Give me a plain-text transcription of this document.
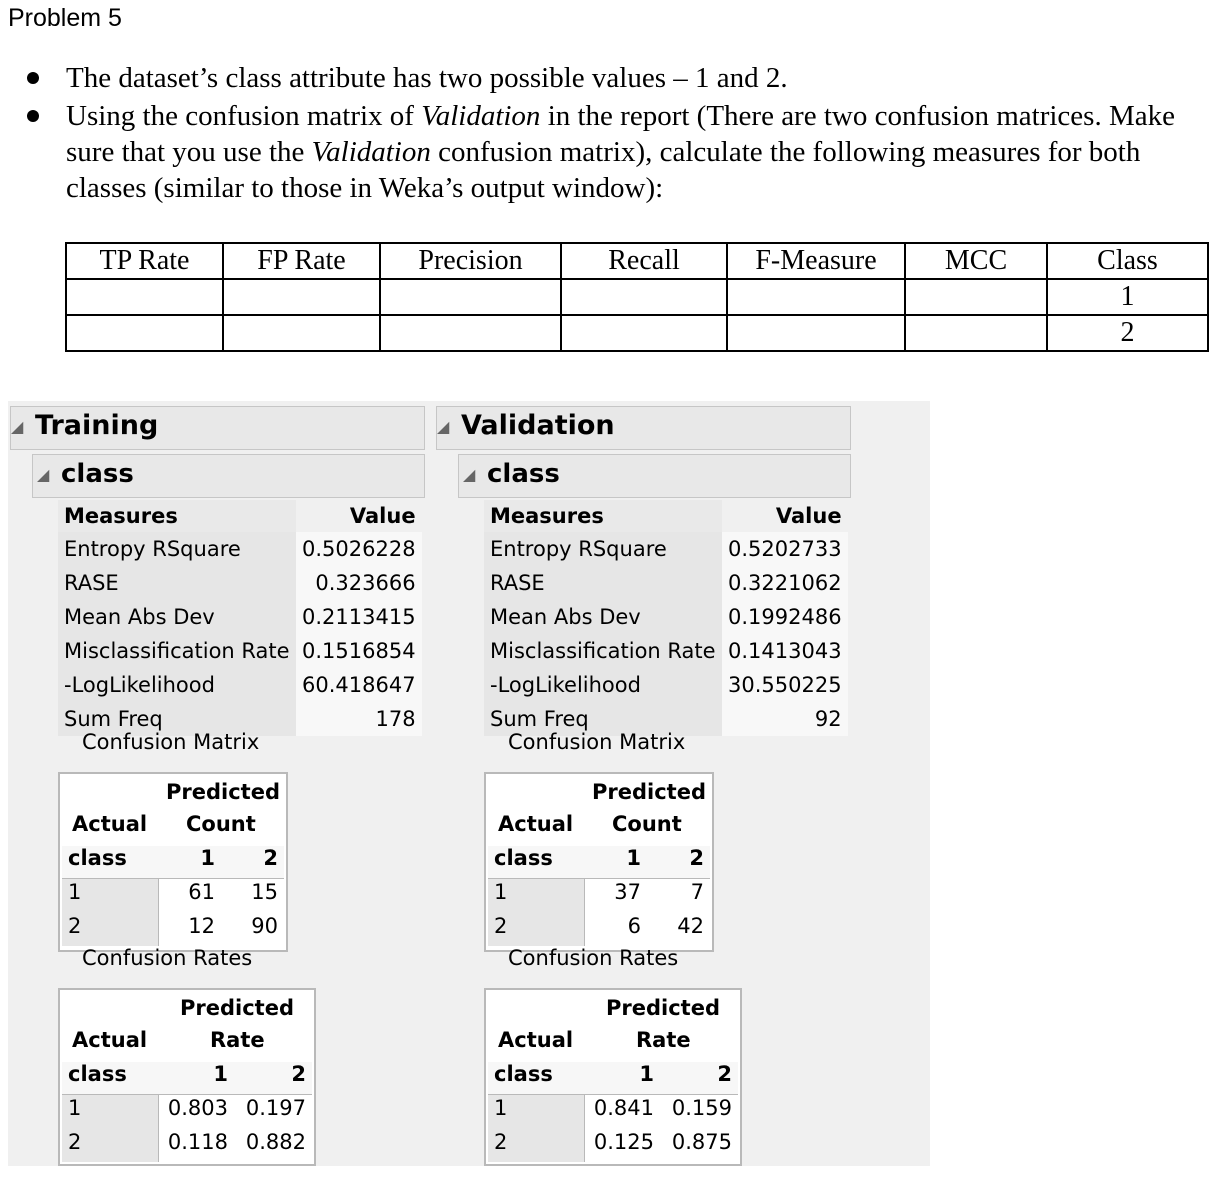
Problem 5
The dataset’s class attribute has two possible values – 1 and 2.
Using the confusion matrix of Validation in the report (There are two confusion matrices. Make sure that you use the Validation confusion matrix), calculate the following measures for both classes (similar to those in Weka’s output window):
TP Rate	FP Rate	Precision	Recall	F-Measure	MCC	Class
						1
						2
◢ Training
◢ class
Measures	Value
Entropy RSquare	0.5026228
RASE	0.323666
Mean Abs Dev	0.2113415
Misclassification Rate	0.1516854
-LogLikelihood	60.418647
Sum Freq	178
Confusion Matrix
Predicted
Actual Count
class	1	2
1	61	15
2	12	90
Confusion Rates
Predicted
Actual	Rate
class	1	2
1	0.803 0.197
2	0.118 0.882
◢ Validation
◢ class
Measures	Value
Entropy RSquare	0.5202733
RASE	0.3221062
Mean Abs Dev	0.1992486
Misclassification Rate	0.1413043
-LogLikelihood	30.550225
Sum Freq	92
Confusion Matrix
Predicted
Actual Count
class	1	2
1	37	7
2	6	42
Confusion Rates
Predicted
Actual	Rate
class	1	2
1	0.841 0.159
2	0.125 0.875
